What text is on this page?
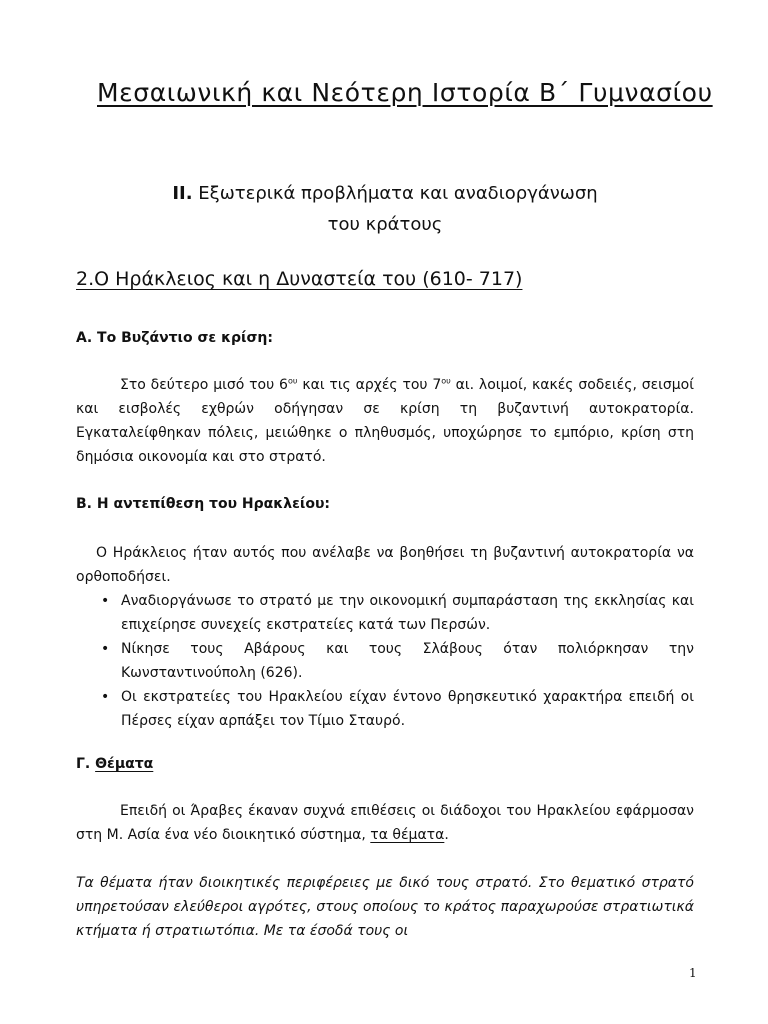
Μεσαιωνική και Νεότερη Ιστορία Β΄ Γυμνασίου
II. Εξωτερικά προβλήματα και αναδιοργάνωση
του κράτους
2.Ο Ηράκλειος και η Δυναστεία του (610- 717)

Α. Το Βυζάντιο σε κρίση:

Στο δεύτερο μισό του $6^{o\upsilon}$ και τις αρχές του $7^{o\upsilon}$ αι. λοιμοί, κακές σοδειές, σεισμοί και εισβολές εχθρών οδήγησαν σε κρίση τη βυζαντινή αυτοκρατορία. Εγκαταλείφθηκαν πόλεις, μειώθηκε ο πληθυσμός, υποχώρησε το εμπόριο, κρίση στη δημόσια οικονομία και στο στρατό.

Β. Η αντεπίθεση του Ηρακλείου:

Ο Ηράκλειος ήταν αυτός που ανέλαβε να βοηθήσει τη βυζαντινή αυτοκρατορία να ορθοποδήσει.

• Αναδιοργάνωσε το στρατό με την οικονομική συμπαράσταση της εκκλησίας και επιχείρησε συνεχείς εκστρατείες κατά των Περσών.
• Νίκησε τους Αβάρους και τους Σλάβους όταν πολιόρκησαν την Κωνσταντινούπολη (626).
• Οι εκστρατείες του Ηρακλείου είχαν έντονο θρησκευτικό χαρακτήρα επειδή οι Πέρσες είχαν αρπάξει τον Τίμιο Σταυρό.

Γ. Θέματα

Επειδή οι Άραβες έκαναν συχνά επιθέσεις οι διάδοχοι του Ηρακλείου εφάρμοσαν στη Μ. Ασία ένα νέο διοικητικό σύστημα, τα θέματα.

Τα θέματα ήταν διοικητικές περιφέρειες με δικό τους στρατό. Στο θεματικό στρατό υπηρετούσαν ελεύθεροι αγρότες, στους οποίους το κράτος παραχωρούσε στρατιωτικά κτήματα ή στρατιωτόπια. Με τα έσοδά τους οι

1
